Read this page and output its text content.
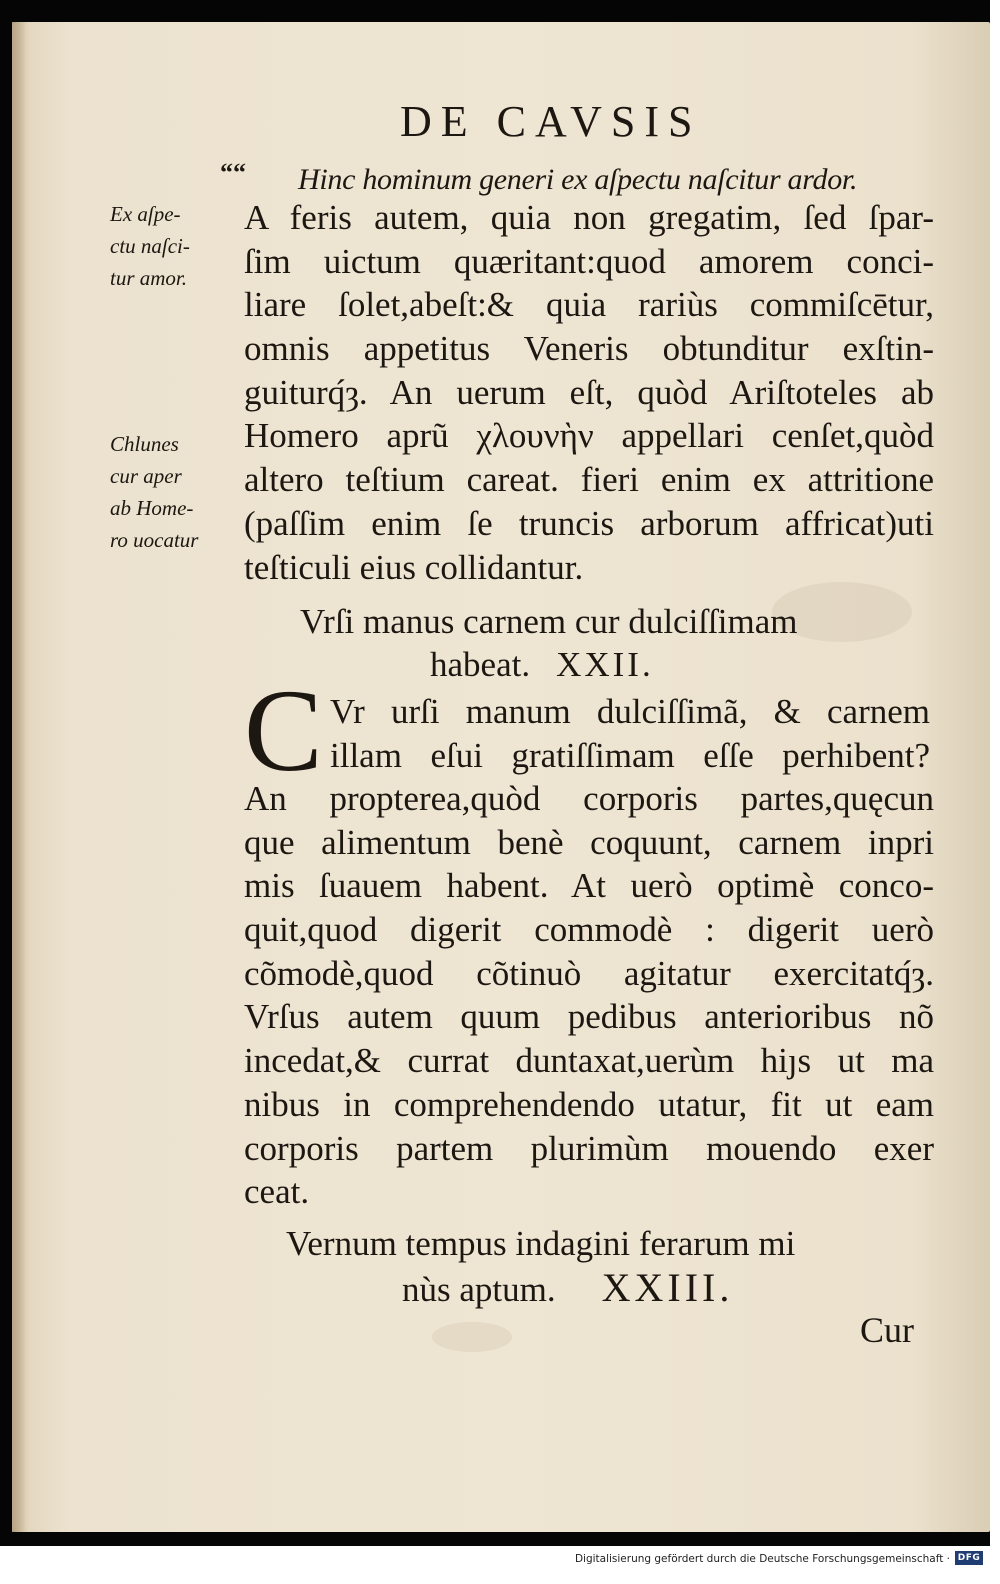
DE CAVSIS
““ Hinc hominum generi ex aſpectu naſcitur ardor.
Ex aſpe-
ctu naſci-
tur amor.
Chlunes
cur aper
ab Home-
ro uocatur
A feris autem, quia non gregatim, ſed ſpar-
ſim uictum quæritant:quod amorem conci-
liare ſolet,abeſt:& quia rariùs commiſcētur,
omnis appetitus Veneris obtunditur exſtin-
guiturq́ȝ. An uerum eſt, quòd Ariſtoteles ab
Homero aprũ χλουνὴν appellari cenſet,quòd
altero teſtium careat. fieri enim ex attritione
(paſſim enim ſe truncis arborum affricat)uti
teſticuli eius collidantur.
Vrſi manus carnem cur dulciſſimam
habeat. XXII.
C Vr urſi manum dulciſſimã, & carnem
illam eſui gratiſſimam eſſe perhibent?
An propterea,quòd corporis partes,quęcun
que alimentum benè coquunt, carnem inpri
mis ſuauem habent. At uerò optimè conco-
quit,quod digerit commodè : digerit uerò
cõmodè,quod cõtinuò agitatur exercitatq́ȝ.
Vrſus autem quum pedibus anterioribus nõ
incedat,& currat duntaxat,uerùm hiȷs ut ma
nibus in comprehendendo utatur, fit ut eam
corporis partem plurimùm mouendo exer
ceat.
Vernum tempus indagini ferarum mi
nùs aptum. XXIII.
Cur
Digitalisierung gefördert durch die Deutsche Forschungsgemeinschaft · DFG
